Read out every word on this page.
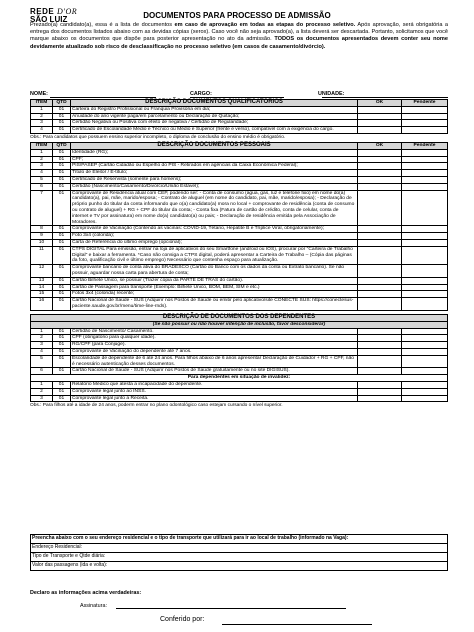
REDE D'OR
SÃO LUIZ	DOCUMENTOS PARA PROCESSO DE ADMISSÃO
Prezado(a) candidato(a), essa é a lista de documentos em caso de aprovação em todas as etapas do processo seletivo. Após aprovação, será obrigatória a entrega dos documentos listados abaixo com as devidas cópias (xerox). Caso você não seja aprovado(a), a lista deverá ser descartada. Portanto, solicitamos que você marque abaixo os documentos que dispõe para posterior apresentação no ato da admissão. TODOS os documentos apresentados devem conter seu nome devidamente atualizado sob risco de desclassificação no processo seletivo (em casos de casamento/divórcio).
NOME:	CARGO:	UNIDADE:
ITEM	QTD	DESCRIÇÃO DOCUMENTOS QUALIFICATÓRIOS	OK	Pendente
1	01	Carteira do Registro Profissional ou Franquia Provisória em dia;		
2	01	Anuidade do ano vigente paga/em parcelamento ou Declaração de Quitação;		
3	01	Certidão Negativa ou Positiva com efeito de negativa / Certidão de Regularidade;		
4	01	Certificado de Escolaridade Médio e Técnico ou Médio e Superior (frente e verso), compatível com a exigência do cargo.		
Obs.: Para candidatos que possuem ensino superior incompleto, o diploma de conclusão do ensino médio é obrigatório.
ITEM	QTD	DESCRIÇÃO DOCUMENTOS PESSOAIS	OK	Pendente
1	01	Identidade (RG);		
2	01	CPF;		
3	01	PIS/PASEP (Cartão Cidadão ou Espelho do PIS - Retirados em agências da Caixa Econômica Federal);		
4	01	Título de Eleitor / E-título;		
5	01	Certificado de Reservista (somente para homens);		
6	01	Certidão (Nascimento/Casamento/Divórcio/União Estável);		
7	01	Comprovante de Residência atual com CEP, podendo ser: - Conta de consumo (água, gás, luz e telefone fixo) em nome do(a) candidato(a), pai, mãe, marido/esposa; - Contrato de aluguel (em nome do candidato, pai, mãe, marido/esposa); - Declaração de próprio punho do titular da conta informando que o(a) candidato(a) mora no local + comprovante de residência (conta de consumo ou contrato de aluguel) + RG + CPF do titular da conta; - Conta fixa (Fatura de cartão de crédito, conta de celular, conta de internet e TV por assinatura) em nome do(a) candidato(a) ou pais; - Declaração de residência emitida pela Associação de Moradores.		
8	01	Comprovante de Vacinação (Contendo as vacinas: COVID-19, Tétano, Hepatite B e Tríplice Viral, obrigatoriamente);		
9	01	Foto 3x4 (colorida);		
10	01	Carta de Referência do último emprego (opcional);		
11	01	CTPS DIGITAL Para emissão, entrar na loja de aplicativos do seu Smartfone (android ou IOS), procurar por "Carteira de Trabalho Digital" e baixar a ferramenta. *Caso não consiga a CTPS digital, poderá apresentar a Carteira de Trabalho – (Cópia das páginas da foto, qualificação civil e último emprego) Necessário que contenha espaço para atualização.		
12	01	Comprovante bancário de conta ativa do BRADESCO (Cartão do Banco com os dados da conta ou Extrato bancário). Se não possuir, aguardar nossa carta para abertura de conta;		
13	01	Cartão Bilhete Único, se possuir (Trazer cópia da PARTE DE TRÁS do cartão).		
14	01	Cartão de Passagem para transporte (Exemplo: Bilhete Único, BOM, BEM, SIM e etc.)		
15	01	Fotos 3x4 (colorida) recente;		
16	01	Cartão Nacional de Saúde - SUS (Adquirir nos Postos de Saúde ou emitir pelo aplicativo/site CONECTE SUS: https://conectesus-paciente.saude.gov.br/menu/time-line-rnds).		
DESCRIÇÃO DE DOCUMENTOS DOS DEPENDENTES				
(Se não possuir ou não houver intenção de inclusão, favor desconsiderar)				
1	01	Certidão de Nascimento/ Casamento.		
2	01	CPF (obrigatório para qualquer idade).		
3	01	RG/CPF (para Conjuge).		
4	01	Comprovante de Vacinação do dependente até 7 anos.		
5	01	Escolaridade de dependente de 6 até 24 anos. Para filhos abaixo de 6 anos apresentar Declaração de Cuidador + RG + CPF, não é necessário autenticação desses documentos.		
6	01	Cartão Nacional de Saúde - SUS (Adquirir nos Postos de Saúde gratuitamente ou no site DIGISUS).		
Para dependentes em situação de invalidez:				
1	01	Relatório Médico que atesta a incapacidade do dependente.		
2	01	Comprovante legal junto ao INSS.		
3	01	Comprovante legal junto a Receita.		
Obs.: Para filhos até a idade de 24 anos, poderm entrar no plano odontológico caso estejam cursando o nível superior.
Preencha abaixo com o seu endereço residencial e o tipo de transporte que utilizará para ir ao local de trabalho (informado na Vaga):
Endereço Residencial:
Tipo de Transporte e Qtde diária:
Valor das passagens (ida e volta):
Declaro as informações acima verdadeiras:
Assinatura:
Conferido por:
